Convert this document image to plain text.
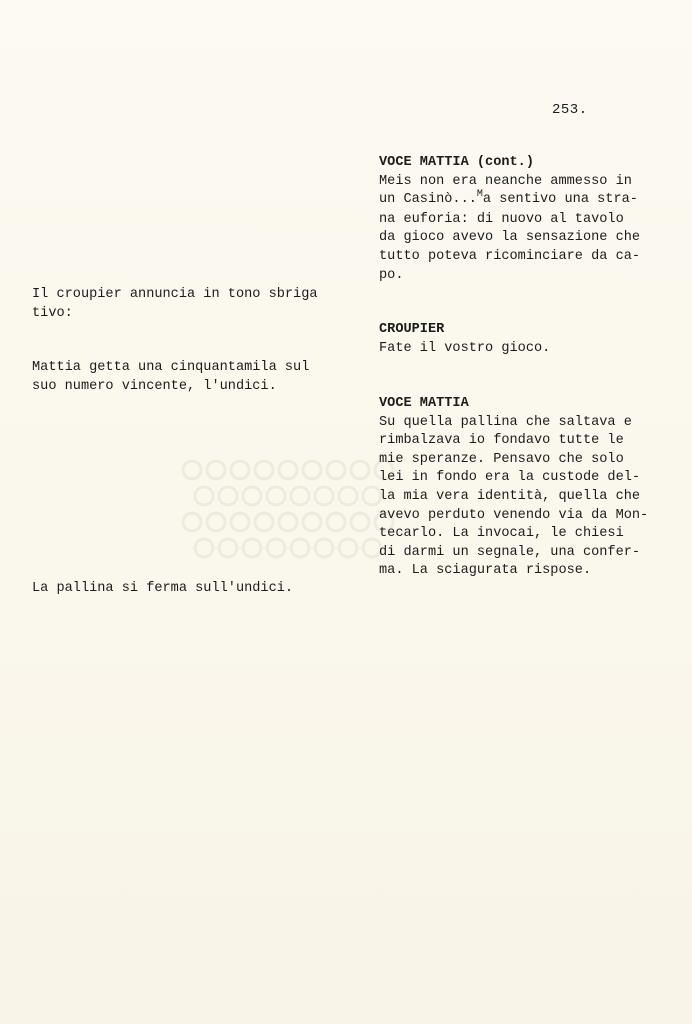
253.

Il croupier annuncia in tono sbriga

tivo:

Mattia getta una cinquantamila sul

suo numero vincente, l'undici.

La pallina si ferma sull'undici.

VOCE MATTIA (cont.)

Meis non era neanche ammesso in

un Casinò...$^M$a sentivo una stra-

na euforia: di nuovo al tavolo

da gioco avevo la sensazione che

tutto poteva ricominciare da ca-

po.

CROUPIER

Fate il vostro gioco.

VOCE MATTIA

Su quella pallina che saltava e

rimbalzava io fondavo tutte le

mie speranze. Pensavo che solo

lei in fondo era la custode del-

la mia vera identità, quella che

avevo perduto venendo via da Mon-

tecarlo. La invocai, le chiesi

di darmi un segnale, una confer-

ma. La sciagurata rispose.
